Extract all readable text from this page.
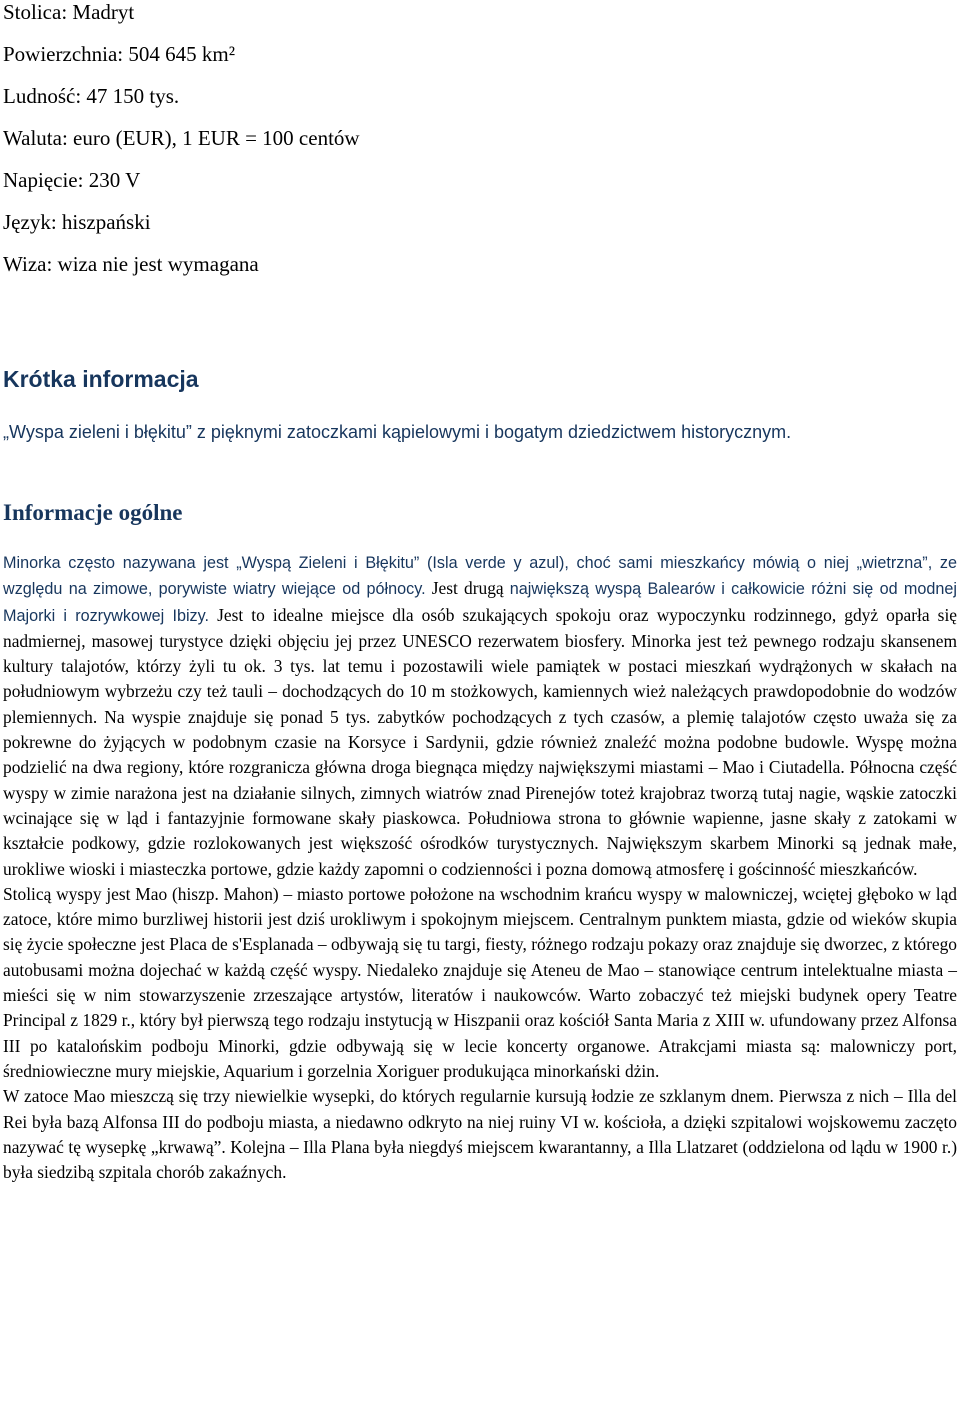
Stolica: Madryt
Powierzchnia: 504 645 km²
Ludność: 47 150 tys.
Waluta: euro (EUR), 1 EUR = 100 centów
Napięcie: 230 V
Język: hiszpański
Wiza: wiza nie jest wymagana
Krótka informacja

„Wyspa zieleni i błękitu” z pięknymi zatoczkami kąpielowymi i bogatym dziedzictwem historycznym.

Informacje ogólne

Minorka często nazywana jest „Wyspą Zieleni i Błękitu” (Isla verde y azul), choć sami mieszkańcy mówią o niej „wietrzna”, ze względu na zimowe, porywiste wiatry wiejące od północy. Jest drugą największą wyspą Balearów i całkowicie różni się od modnej Majorki i rozrywkowej Ibizy. Jest to idealne miejsce dla osób szukających spokoju oraz wypoczynku rodzinnego, gdyż oparła się nadmiernej, masowej turystyce dzięki objęciu jej przez UNESCO rezerwatem biosfery. Minorka jest też pewnego rodzaju skansenem kultury talajotów, którzy żyli tu ok. 3 tys. lat temu i pozostawili wiele pamiątek w postaci mieszkań wydrążonych w skałach na południowym wybrzeżu czy też tauli – dochodzących do 10 m stożkowych, kamiennych wież należących prawdopodobnie do wodzów plemiennych. Na wyspie znajduje się ponad 5 tys. zabytków pochodzących z tych czasów, a plemię talajotów często uważa się za pokrewne do żyjących w podobnym czasie na Korsyce i Sardynii, gdzie również znaleźć można podobne budowle. Wyspę można podzielić na dwa regiony, które rozgranicza główna droga biegnąca między największymi miastami – Mao i Ciutadella. Północna część wyspy w zimie narażona jest na działanie silnych, zimnych wiatrów znad Pirenejów toteż krajobraz tworzą tutaj nagie, wąskie zatoczki wcinające się w ląd i fantazyjnie formowane skały piaskowca. Południowa strona to głównie wapienne, jasne skały z zatokami w kształcie podkowy, gdzie rozlokowanych jest większość ośrodków turystycznych. Największym skarbem Minorki są jednak małe, urokliwe wioski i miasteczka portowe, gdzie każdy zapomni o codzienności i pozna domową atmosferę i gościnność mieszkańców.

Stolicą wyspy jest Mao (hiszp. Mahon) – miasto portowe położone na wschodnim krańcu wyspy w malowniczej, wciętej głęboko w ląd zatoce, które mimo burzliwej historii jest dziś urokliwym i spokojnym miejscem. Centralnym punktem miasta, gdzie od wieków skupia się życie społeczne jest Placa de s'Esplanada – odbywają się tu targi, fiesty, różnego rodzaju pokazy oraz znajduje się dworzec, z którego autobusami można dojechać w każdą część wyspy. Niedaleko znajduje się Ateneu de Mao – stanowiące centrum intelektualne miasta – mieści się w nim stowarzyszenie zrzeszające artystów, literatów i naukowców. Warto zobaczyć też miejski budynek opery Teatre Principal z 1829 r., który był pierwszą tego rodzaju instytucją w Hiszpanii oraz kościół Santa Maria z XIII w. ufundowany przez Alfonsa III po katalońskim podboju Minorki, gdzie odbywają się w lecie koncerty organowe. Atrakcjami miasta są: malowniczy port, średniowieczne mury miejskie, Aquarium i gorzelnia Xoriguer produkująca minorkański dżin.

W zatoce Mao mieszczą się trzy niewielkie wysepki, do których regularnie kursują łodzie ze szklanym dnem. Pierwsza z nich – Illa del Rei była bazą Alfonsa III do podboju miasta, a niedawno odkryto na niej ruiny VI w. kościoła, a dzięki szpitalowi wojskowemu zaczęto nazywać tę wysepkę „krwawą”. Kolejna – Illa Plana była niegdyś miejscem kwarantanny, a Illa Llatzaret (oddzielona od lądu w 1900 r.) była siedzibą szpitala chorób zakaźnych.
